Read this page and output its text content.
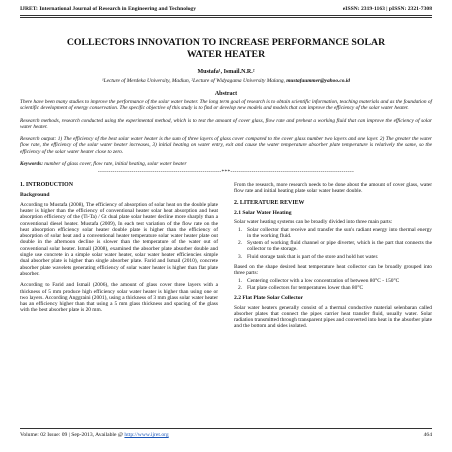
IJRET: International Journal of Research in Engineering and Technology	eISSN: 2319-1163 | pISSN: 2321-7308
COLLECTORS INNOVATION TO INCREASE PERFORMANCE SOLAR WATER HEATER
Mustafa¹, Ismail.N.R.²
¹Lecture of Merdeka University, Madiun, ²Lecture of Widyagama University Malang, mustafaummer@yahoo.co.id
Abstract

There have been many studies to improve the performance of the solar water heater. The long term goal of research is to obtain scientific information, teaching materials and as the foundation of scientific development of energy conservation. The specific objective of this study is to find or develop new models and models that can improve the efficiency of the solar water heater.

Research methods, research conducted using the experimental method, which is to test the amount of cover glass, flow rate and preheat a working fluid that can improve the efficiency of solar water heater.

Research output: 1) The efficiency of the best solar water heater is the sum of three layers of glass cover compared to the cover glass number two layers and one layer. 2) The greater the water flow rate, the efficiency of the solar water heater increases, 3) initial heating on water entry, exit and cause the water temperature absorber plate temperature is relatively the same, so the efficiency of the solar water heater close to zero.

Keywords: number of glass cover, flow rate, initial heating, solar water heater
-----------------------------------------------------------***-----------------------------------------------------------
1. INTRODUCTION
Background

According to Mustafa (2008), The efficiency of absorption of solar heat on the double plate heater is higher than the efficiency of conventional heater solar heat absorption and heat absorption efficiency of the (Ti-Ta) / Gt dual plate solar heater decline more sharply than a conventional diesel heater. Mustafa (2009), In each test variation of the flow rate on the heat absorption efficiency solar heater double plate is higher than the efficiency of absorption of solar heat and a conventional heater temperature solar water heater plate out double in the afternoon decline is slower than the temperature of the water out of conventional solar heater. Ismail (2008), examined the absorber plate absorber double and single use concrete in a simple solar water heater, solar water heater efficiencies simple dual absorber plate is higher than single absorber plate. Farid and Ismail (2010), concrete absorber plate wavelets generating efficiency of solar water heater is higher than flat plate absorber.

According to Farid and Ismail (2006), the amount of glass cover three layers with a thickness of 5 mm produce high efficiency solar water heater is higher than using one or two layers. According Anggraini (2001), using a thickness of 3 mm glass solar water heater has an efficiency higher than that using a 5 mm glass thickness and spacing of the glass with the best absorber plate is 20 mm.

From the research, more research needs to be done about the amount of cover glass, water flow rate and initial heating plate solar water heater double.

2. LITERATURE REVIEW
2.1 Solar Water Heating

Solar water heating systems can be broadly divided into three main parts:

1. Solar collector that receive and transfer the sun's radiant energy into thermal energy in the working fluid.
2. System of working fluid channel or pipe diverter, which is the part that connects the collector to the storage.
3. Fluid storage tank that is part of the store and hold hot water.

Based on the shape desired heat temperature heat collector can be broadly grouped into three parts:

1. Centering collector with a low concentration of between 80°C - 150°C
2. Flat plate collectors for temperatures lower than 80°C
2.2 Flat Plate Solar Collector

Solar water heaters generally consist of a thermal conductive material selenbaran called absorber plates that connect the pipes carrier heat transfer fluid, usually water. Solar radiation transmitted through transparent pipes and converted into heat in the absorber plate and the bottom and sides isolated.

Volume: 02 Issue: 09 | Sep-2013, Available @ http://www.ijret.org	464
